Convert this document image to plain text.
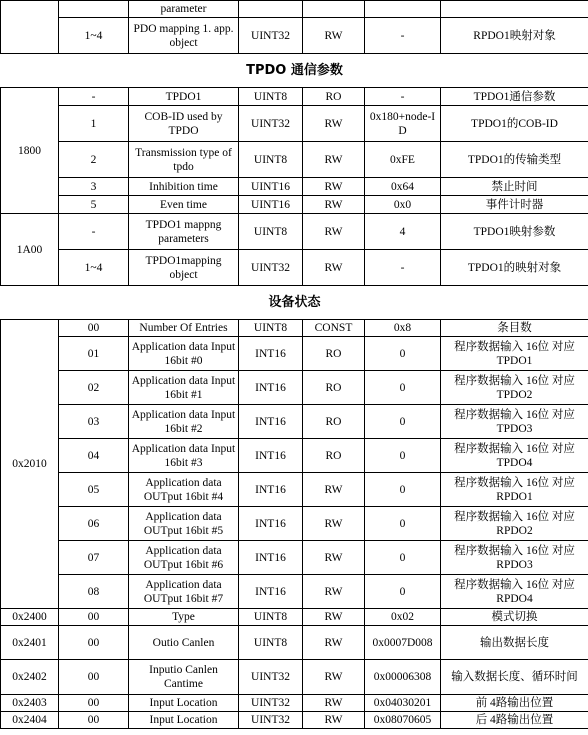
		parameter				
	1~4	PDO mapping 1. app. object	UINT32	RW	-	RPDO1映射对象
TPDO 通信参数						
1800	-	TPDO1	UINT8	RO	-	TPDO1通信参数
	1	COB-ID used by TPDO	UINT32	RW	0x180+node-ID	TPDO1的COB-ID
	2	Transmission type of tpdo	UINT8	RW	0xFE	TPDO1的传输类型
	3	Inhibition time	UINT16	RW	0x64	禁止时间
	5	Even time	UINT16	RW	0x0	事件计时器
1A00	-	TPDO1 mappng parameters	UINT8	RW	4	TPDO1映射参数
	1~4	TPDO1mapping object	UINT32	RW	-	TPDO1的映射对象
设备状态						
0x2010	00	Number Of Entries	UINT8	CONST	0x8	条目数
	01	Application data Input 16bit #0	INT16	RO	0	程序数据输入 16位 对应 TPDO1
	02	Application data Input 16bit #1	INT16	RO	0	程序数据输入 16位 对应 TPDO2
	03	Application data Input 16bit #2	INT16	RO	0	程序数据输入 16位 对应 TPDO3
	04	Application data Input 16bit #3	INT16	RO	0	程序数据输入 16位 对应 TPDO4
	05	Application data OUTput 16bit #4	INT16	RW	0	程序数据输入 16位 对应 RPDO1
	06	Application data OUTput 16bit #5	INT16	RW	0	程序数据输入 16位 对应 RPDO2
	07	Application data OUTput 16bit #6	INT16	RW	0	程序数据输入 16位 对应 RPDO3
	08	Application data OUTput 16bit #7	INT16	RW	0	程序数据输入 16位 对应 RPDO4
0x2400	00	Type	UINT8	RW	0x02	模式切换
0x2401	00	Outio Canlen	UINT8	RW	0x0007D008	输出数据长度
0x2402	00	Inputio Canlen Cantime	UINT32	RW	0x00006308	输入数据长度、循环时间
0x2403	00	Input Location	UINT32	RW	0x04030201	前 4路输出位置
0x2404	00	Input Location	UINT32	RW	0x08070605	后 4路输出位置
